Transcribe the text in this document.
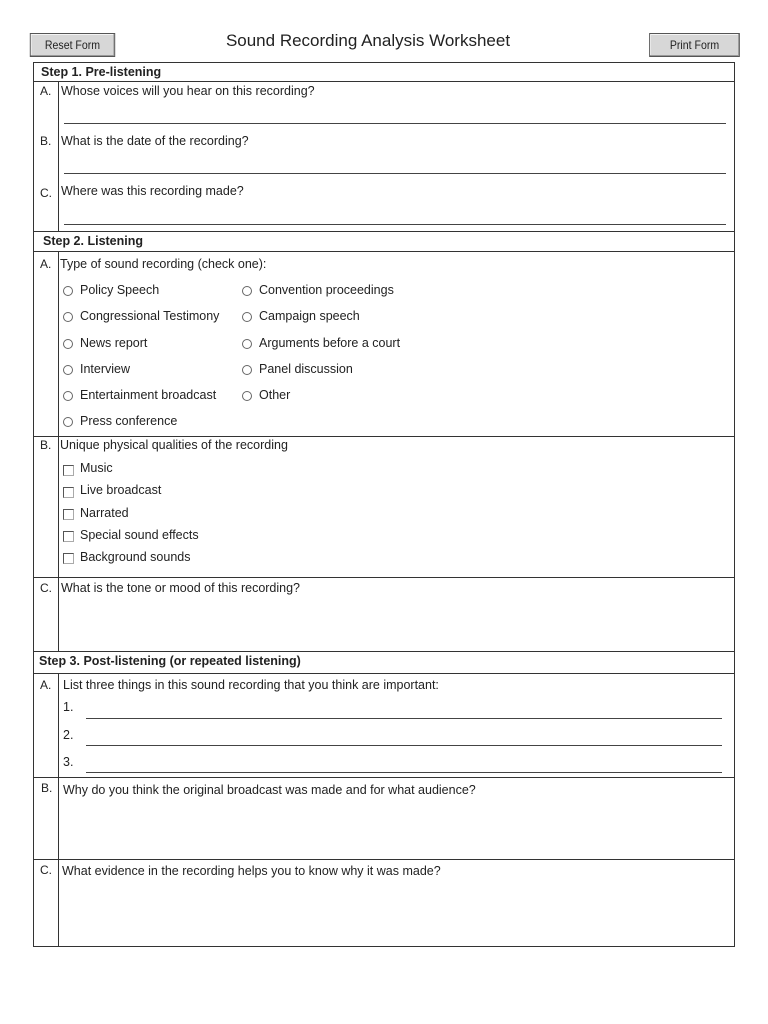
Reset Form	Sound Recording Analysis Worksheet	Print Form
Step 1. Pre-listening
A. Whose voices will you hear on this recording?
B. What is the date of the recording?
C. Where was this recording made?
Step 2. Listening
A. Type of sound recording (check one):
Policy Speech
Congressional Testimony
News report
Interview
Entertainment broadcast
Press conference
Convention proceedings
Campaign speech
Arguments before a court
Panel discussion
Other
B. Unique physical qualities of the recording
Music
Live broadcast
Narrated
Special sound effects
Background sounds
C. What is the tone or mood of this recording?
Step 3. Post-listening (or repeated listening)
A. List three things in this sound recording that you think are important:
1.
2.
3.
B. Why do you think the original broadcast was made and for what audience?
C. What evidence in the recording helps you to know why it was made?
